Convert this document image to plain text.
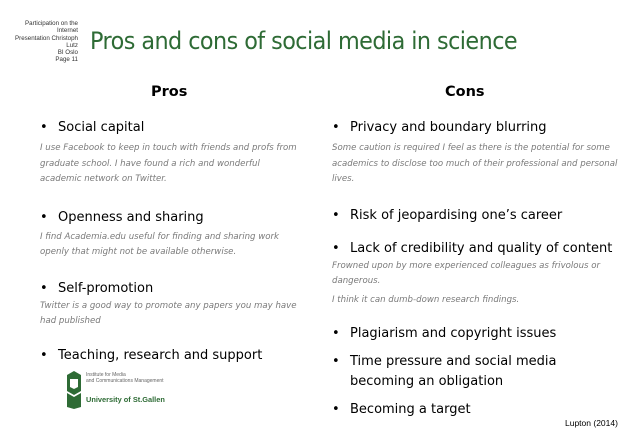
Participation on the Internet
Presentation Christoph Lutz
BI Oslo
Page 11
Pros and cons of social media in science
Pros	Cons
• Social capital
I use Facebook to keep in touch with friends and profs from graduate school. I have found a rich and wonderful academic network on Twitter.
• Openness and sharing
I find Academia.edu useful for finding and sharing work openly that might not be available otherwise.
• Self-promotion
Twitter is a good way to promote any papers you may have had published
• Teaching, research and support
• Privacy and boundary blurring
Some caution is required I feel as there is the potential for some academics to disclose too much of their professional and personal lives.
• Risk of jeopardising one’s career
• Lack of credibility and quality of content
Frowned upon by more experienced colleagues as frivolous or dangerous.
I think it can dumb-down research findings.
• Plagiarism and copyright issues
• Time pressure and social media becoming an obligation
• Becoming a target
Institute for Media
and Communications Management
University of St.Gallen
Lupton (2014)
